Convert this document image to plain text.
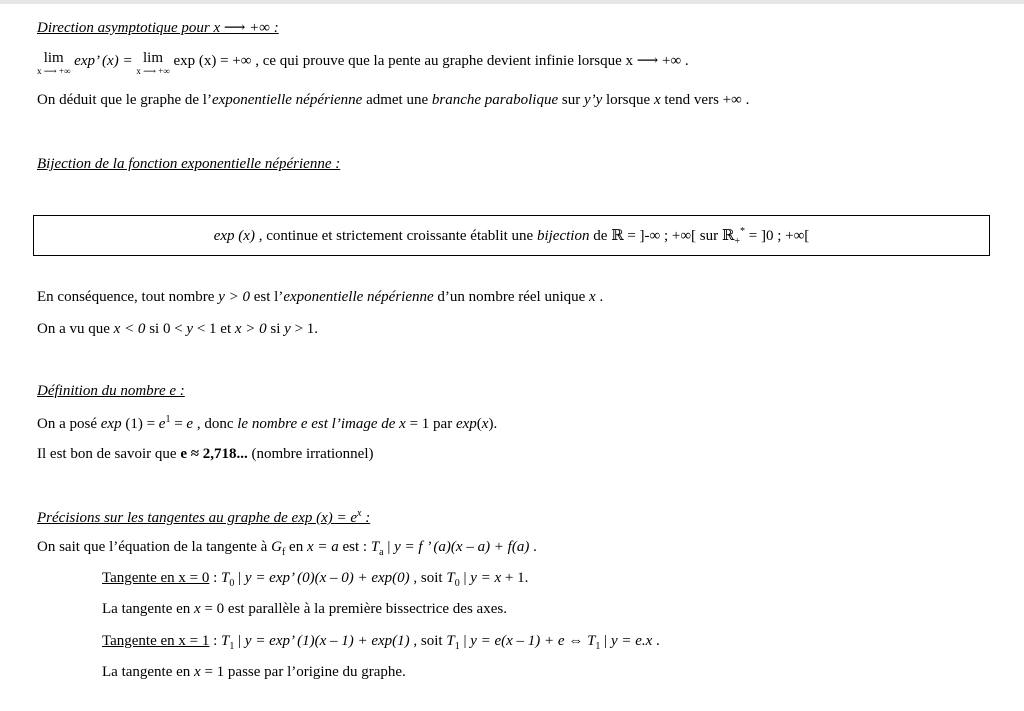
Direction asymptotique pour x ⟶ +∞ :
lim
x ⟶ +∞
exp’ (x) = lim
x ⟶ +∞
exp (x) = +∞ , ce qui prouve que la pente au graphe devient infinie lorsque x ⟶ +∞ .
On déduit que le graphe de l’exponentielle népérienne admet une branche parabolique sur y’y lorsque x tend vers +∞ .
Bijection de la fonction exponentielle népérienne :
exp (x) , continue et strictement croissante établit une bijection de ℝ = ]-∞ ; +∞[ sur ℝ$_+$* = ]0 ; +∞[
En conséquence, tout nombre y > 0 est l’exponentielle népérienne d’un nombre réel unique x .
On a vu que x < 0 si 0 < y < 1 et x > 0 si y > 1.
Définition du nombre e :
On a posé $\exp (1) = e^1 = e$ , donc le nombre e est l’image de x = 1 par exp(x).
Il est bon de savoir que e ≈ 2,718... (nombre irrationnel)
Précisions sur les tangentes au graphe de $\exp (x) = e^x$ :
On sait que l’équation de la tangente à $G_f$ en x = a est : $T_a$ | y = f ’ (a)(x – a) + f(a) .
Tangente en x = 0 : $T_0$ | y = exp’ (0)(x – 0) + exp(0) , soit $T_0$ | y = x + 1.
La tangente en x = 0 est parallèle à la première bissectrice des axes.
Tangente en x = 1 : $T_1$ | y = exp’ (1)(x – 1) + exp(1) , soit $T_1$ | y = e(x – 1) + e ⇔ $T_1$ | y = e.x .
La tangente en x = 1 passe par l’origine du graphe.
